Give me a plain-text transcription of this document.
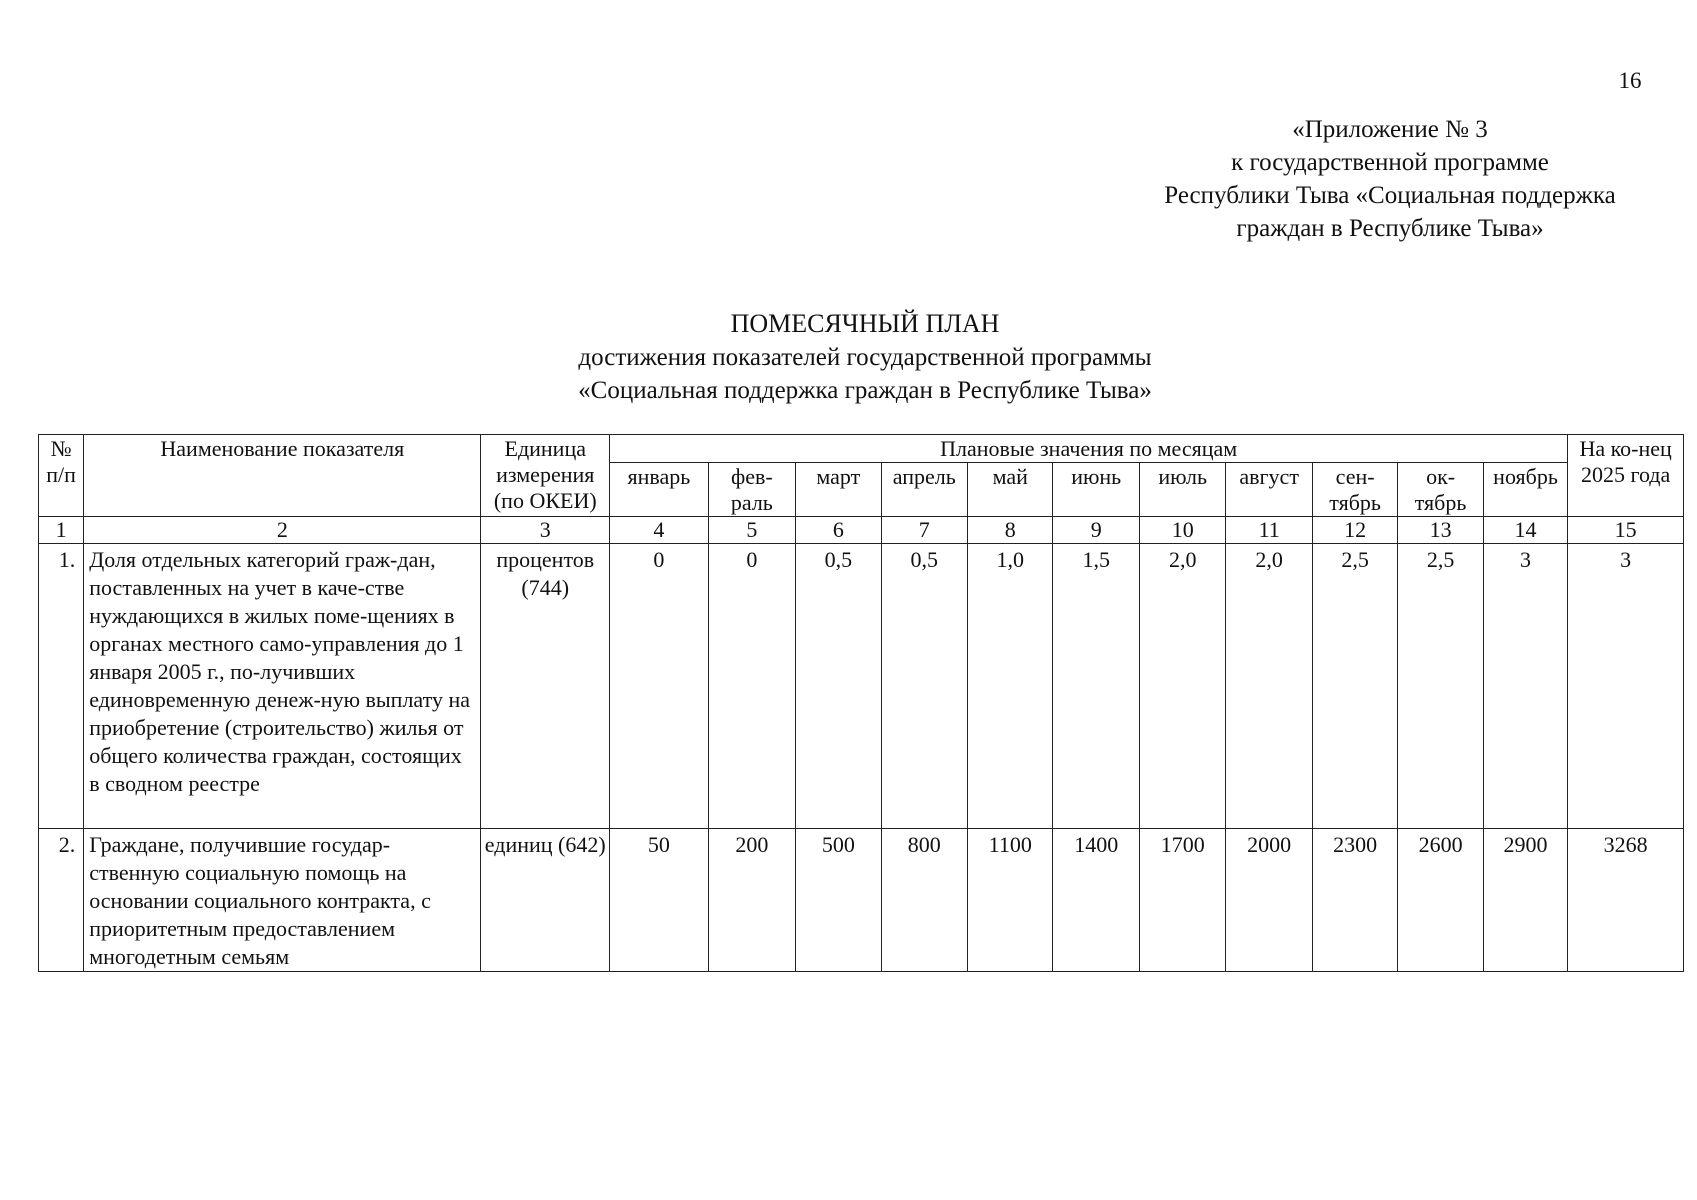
16
«Приложение № 3
к государственной программе
Республики Тыва «Социальная поддержка
граждан в Республике Тыва»
ПОМЕСЯЧНЫЙ ПЛАН
достижения показателей государственной программы
«Социальная поддержка граждан в Республике Тыва»
№ п/п	Наименование показателя	Единица измерения (по ОКЕИ)	Плановые значения по месяцам											На ко-нец 2025 года
			январь	фев-раль	март	апрель	май	июнь	июль	август	сен-тябрь	ок-тябрь	ноябрь	
1	2	3	4	5	6	7	8	9	10	11	12	13	14	15
1.	Доля отдельных категорий граж-дан, поставленных на учет в каче-стве нуждающихся в жилых поме-щениях в органах местного само-управления до 1 января 2005 г., по-лучивших единовременную денеж-ную выплату на приобретение (строительство) жилья от общего количества граждан, состоящих в сводном реестре	процентов (744)	0	0	0,5	0,5	1,0	1,5	2,0	2,0	2,5	2,5	3	3
2.	Граждане, получившие государ-ственную социальную помощь на основании социального контракта, с приоритетным предоставлением многодетным семьям	единиц (642)	50	200	500	800	1100	1400	1700	2000	2300	2600	2900	3268
